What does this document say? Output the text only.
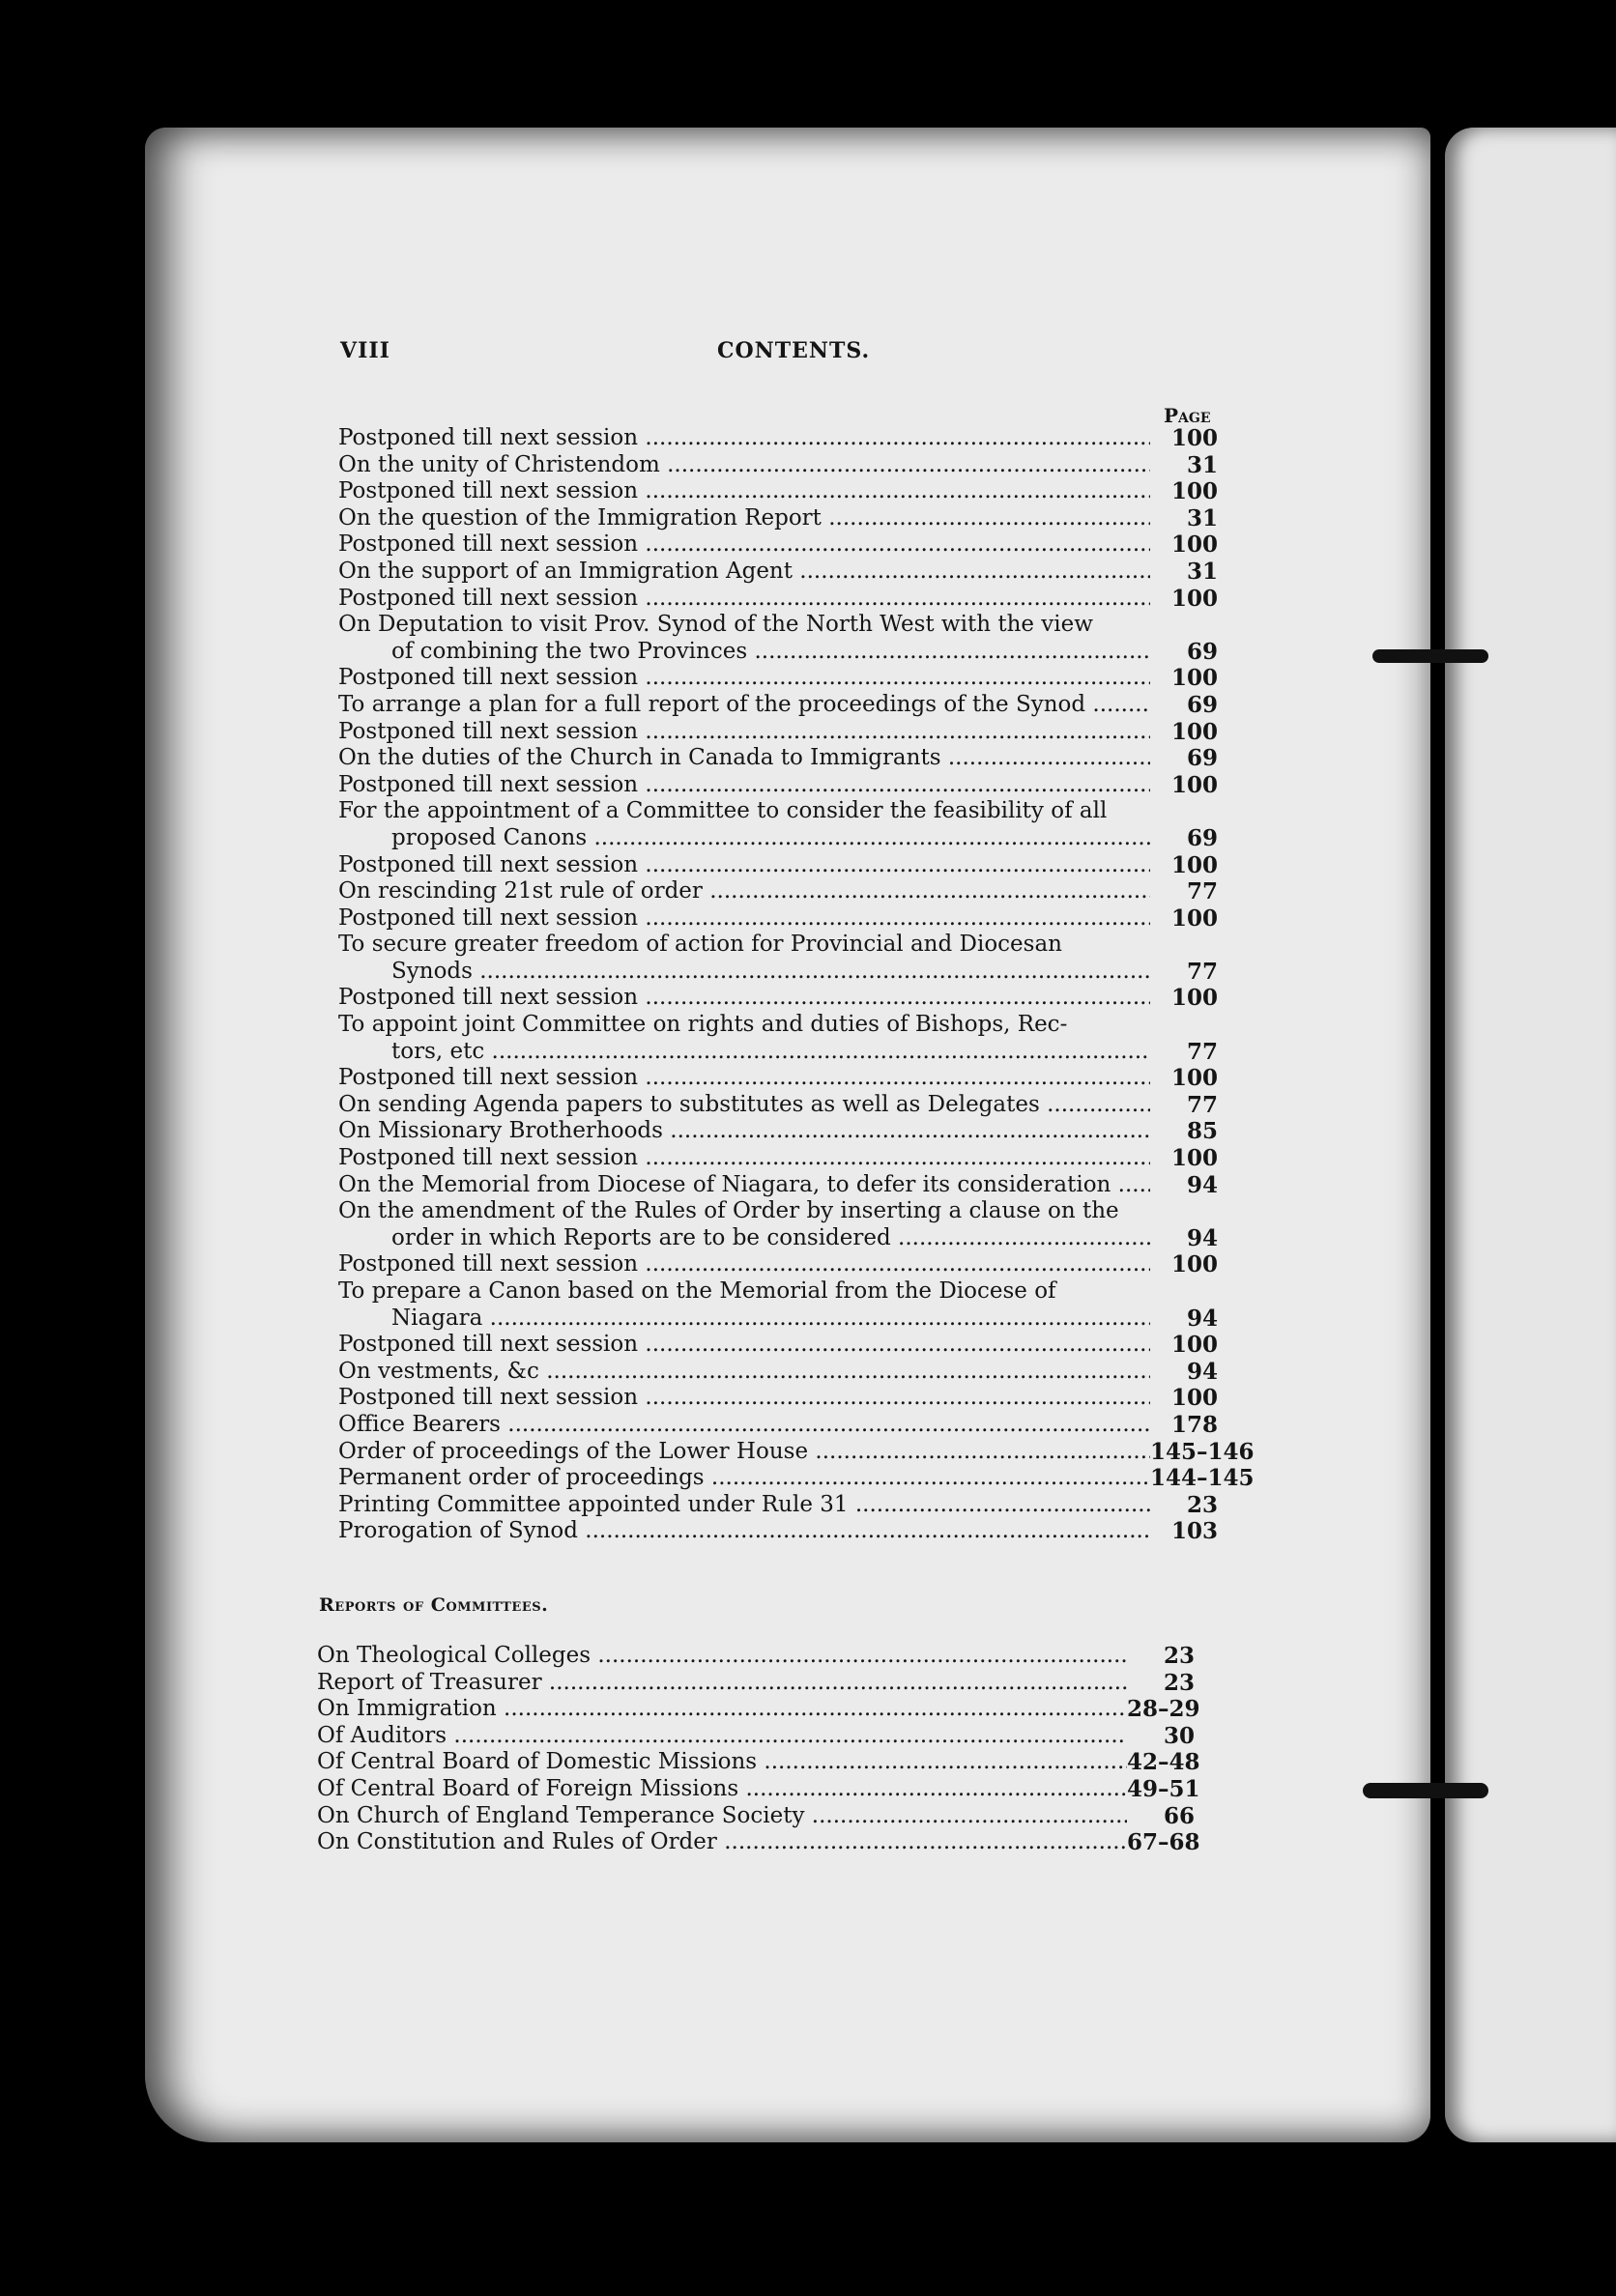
VIII	CONTENTS.
Page
Postponed till next session .....	100
On the unity of Christendom .....	31
Postponed till next session .....	100
On the question of the Immigration Report .....	31
Postponed till next session .....	100
On the support of an Immigration Agent .....	31
Postponed till next session .....	100
On Deputation to visit Prov. Synod of the North West with the view
of combining the two Provinces .....	69
Postponed till next session .....	100
To arrange a plan for a full report of the proceedings of the Synod .....	69
Postponed till next session .....	100
On the duties of the Church in Canada to Immigrants .....	69
Postponed till next session .....	100
For the appointment of a Committee to consider the feasibility of all
proposed Canons .....	69
Postponed till next session .....	100
On rescinding 21st rule of order .....	77
Postponed till next session .....	100
To secure greater freedom of action for Provincial and Diocesan
Synods .....	77
Postponed till next session .....	100
To appoint joint Committee on rights and duties of Bishops, Rec-
tors, etc .....	77
Postponed till next session .....	100
On sending Agenda papers to substitutes as well as Delegates .....	77
On Missionary Brotherhoods .....	85
Postponed till next session .....	100
On the Memorial from Diocese of Niagara, to defer its consideration .....	94
On the amendment of the Rules of Order by inserting a clause on the
order in which Reports are to be considered .....	94
Postponed till next session .....	100
To prepare a Canon based on the Memorial from the Diocese of
Niagara .....	94
Postponed till next session .....	100
On vestments, &c .....	94
Postponed till next session .....	100
Office Bearers .....	178
Order of proceedings of the Lower House .....	145–146
Permanent order of proceedings .....	144–145
Printing Committee appointed under Rule 31 .....	23
Prorogation of Synod .....	103
Reports of Committees.
On Theological Colleges .....	23
Report of Treasurer .....	23
On Immigration .....	28–29
Of Auditors .....	30
Of Central Board of Domestic Missions .....	42–48
Of Central Board of Foreign Missions .....	49–51
On Church of England Temperance Society .....	66
On Constitution and Rules of Order .....	67–68
